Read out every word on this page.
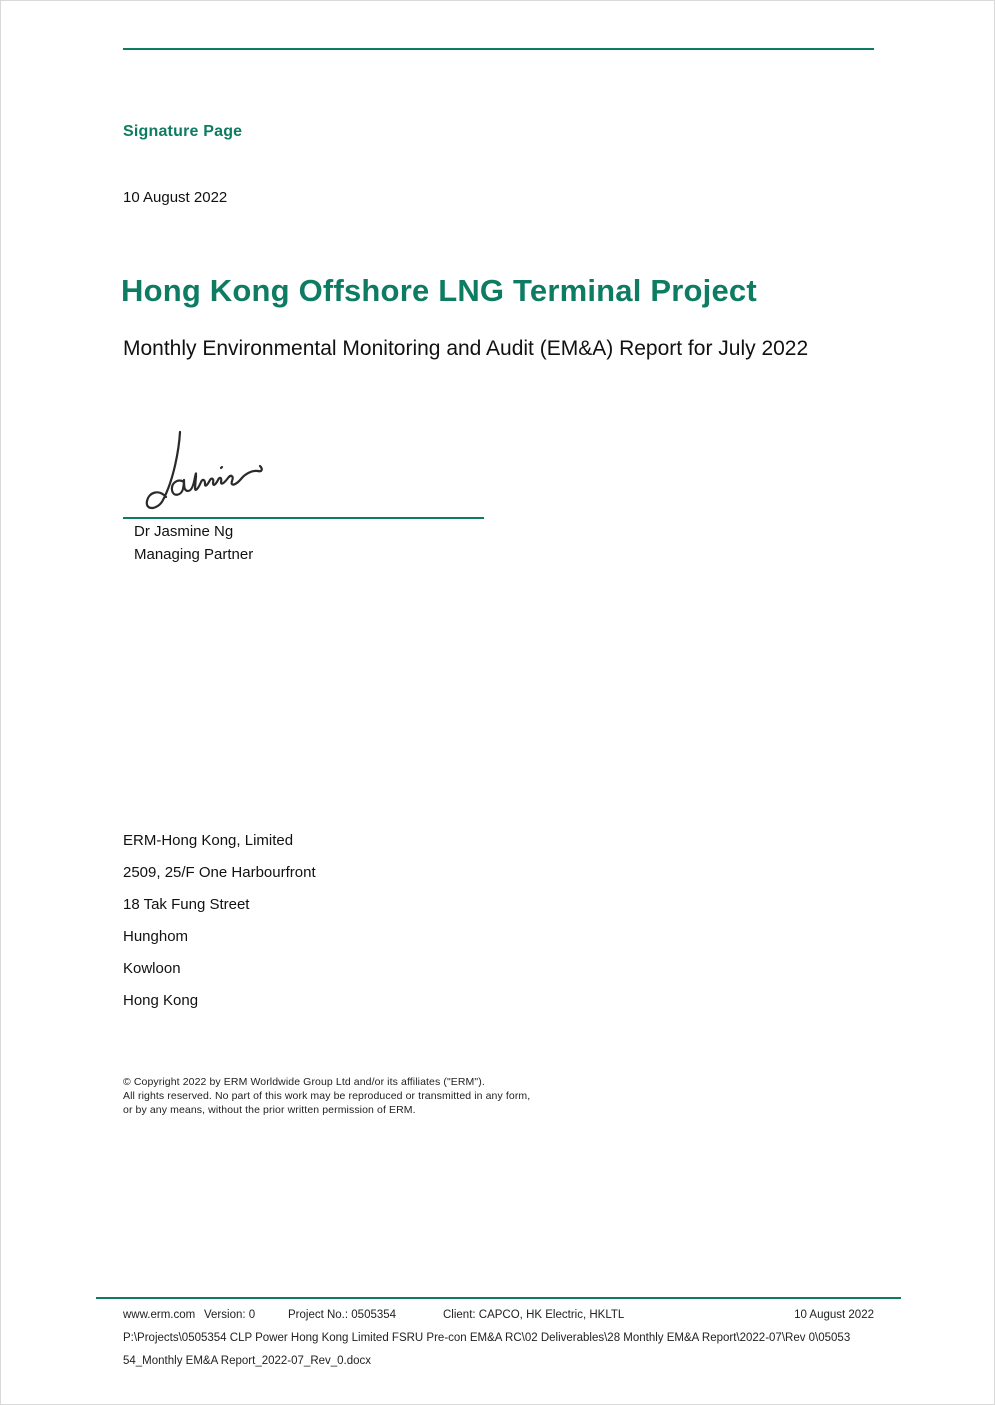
Signature Page
10 August 2022
Hong Kong Offshore LNG Terminal Project
Monthly Environmental Monitoring and Audit (EM&A) Report for July 2022
Dr Jasmine Ng
Managing Partner
ERM-Hong Kong, Limited
2509, 25/F One Harbourfront
18 Tak Fung Street
Hunghom
Kowloon
Hong Kong
© Copyright 2022 by ERM Worldwide Group Ltd and/or its affiliates ("ERM").
All rights reserved. No part of this work may be reproduced or transmitted in any form,
or by any means, without the prior written permission of ERM.
www.erm.com Version: 0	Project No.: 0505354	Client: CAPCO, HK Electric, HKLTL	10 August 2022
P:\Projects\0505354 CLP Power Hong Kong Limited FSRU Pre-con EM&A RC\02 Deliverables\28 Monthly EM&A Report\2022-07\Rev 0\0505354_Monthly EM&A Report_2022-07_Rev_0.docx
